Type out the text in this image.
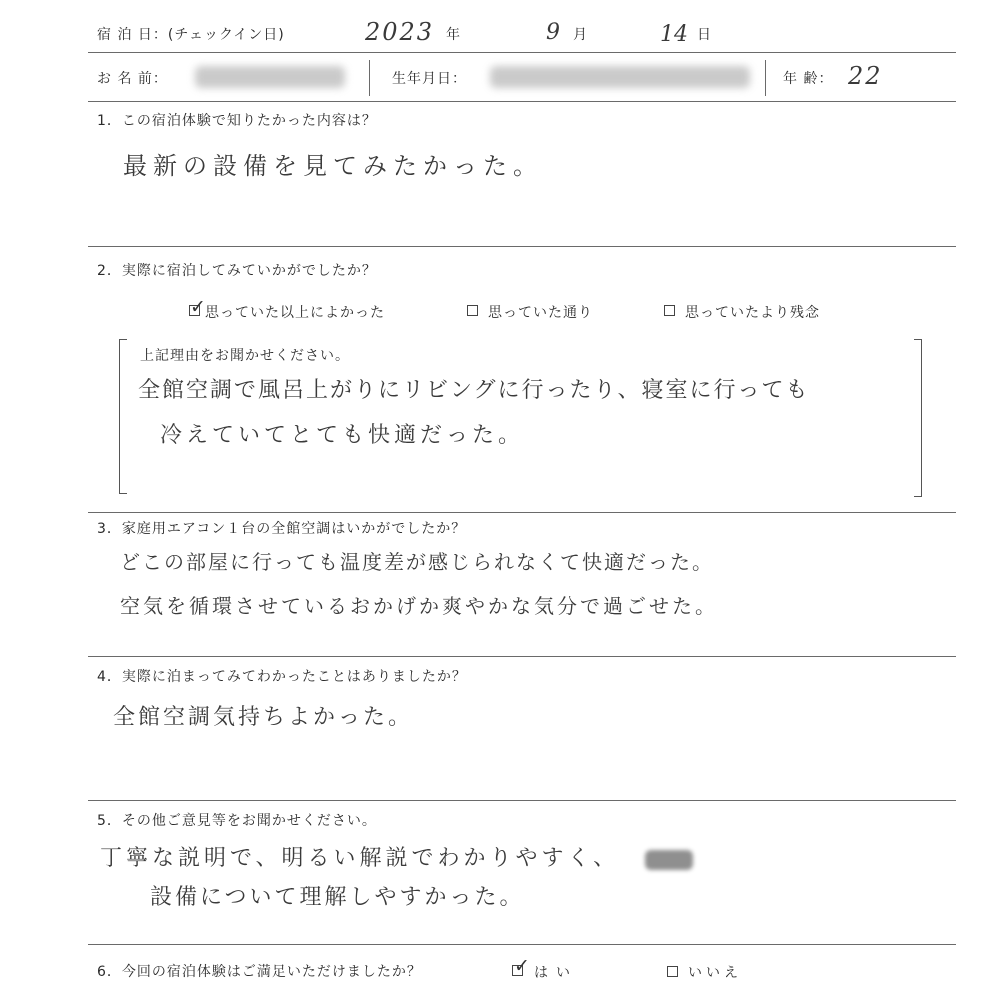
宿 泊 日：(チェックイン日)	2023 年	9 月	14 日
お 名 前：	生年月日：	年 齢： 22
1．この宿泊体験で知りたかった内容は？
最新の設備を見てみたかった。
2．実際に宿泊してみていかがでしたか？
✓ 思っていた以上によかった	思っていた通り	思っていたより残念
上記理由をお聞かせください。
全館空調で風呂上がりにリビングに行ったり、寝室に行っても
冷えていてとても快適だった。
3．家庭用エアコン１台の全館空調はいかがでしたか？
どこの部屋に行っても温度差が感じられなくて快適だった。
空気を循環させているおかげか爽やかな気分で過ごせた。
4．実際に泊まってみてわかったことはありましたか？
全館空調気持ちよかった。
5．その他ご意見等をお聞かせください。
丁寧な説明で、明るい解説でわかりやすく、
設備について理解しやすかった。
6．今回の宿泊体験はご満足いただけましたか？	✓ はい	いいえ
